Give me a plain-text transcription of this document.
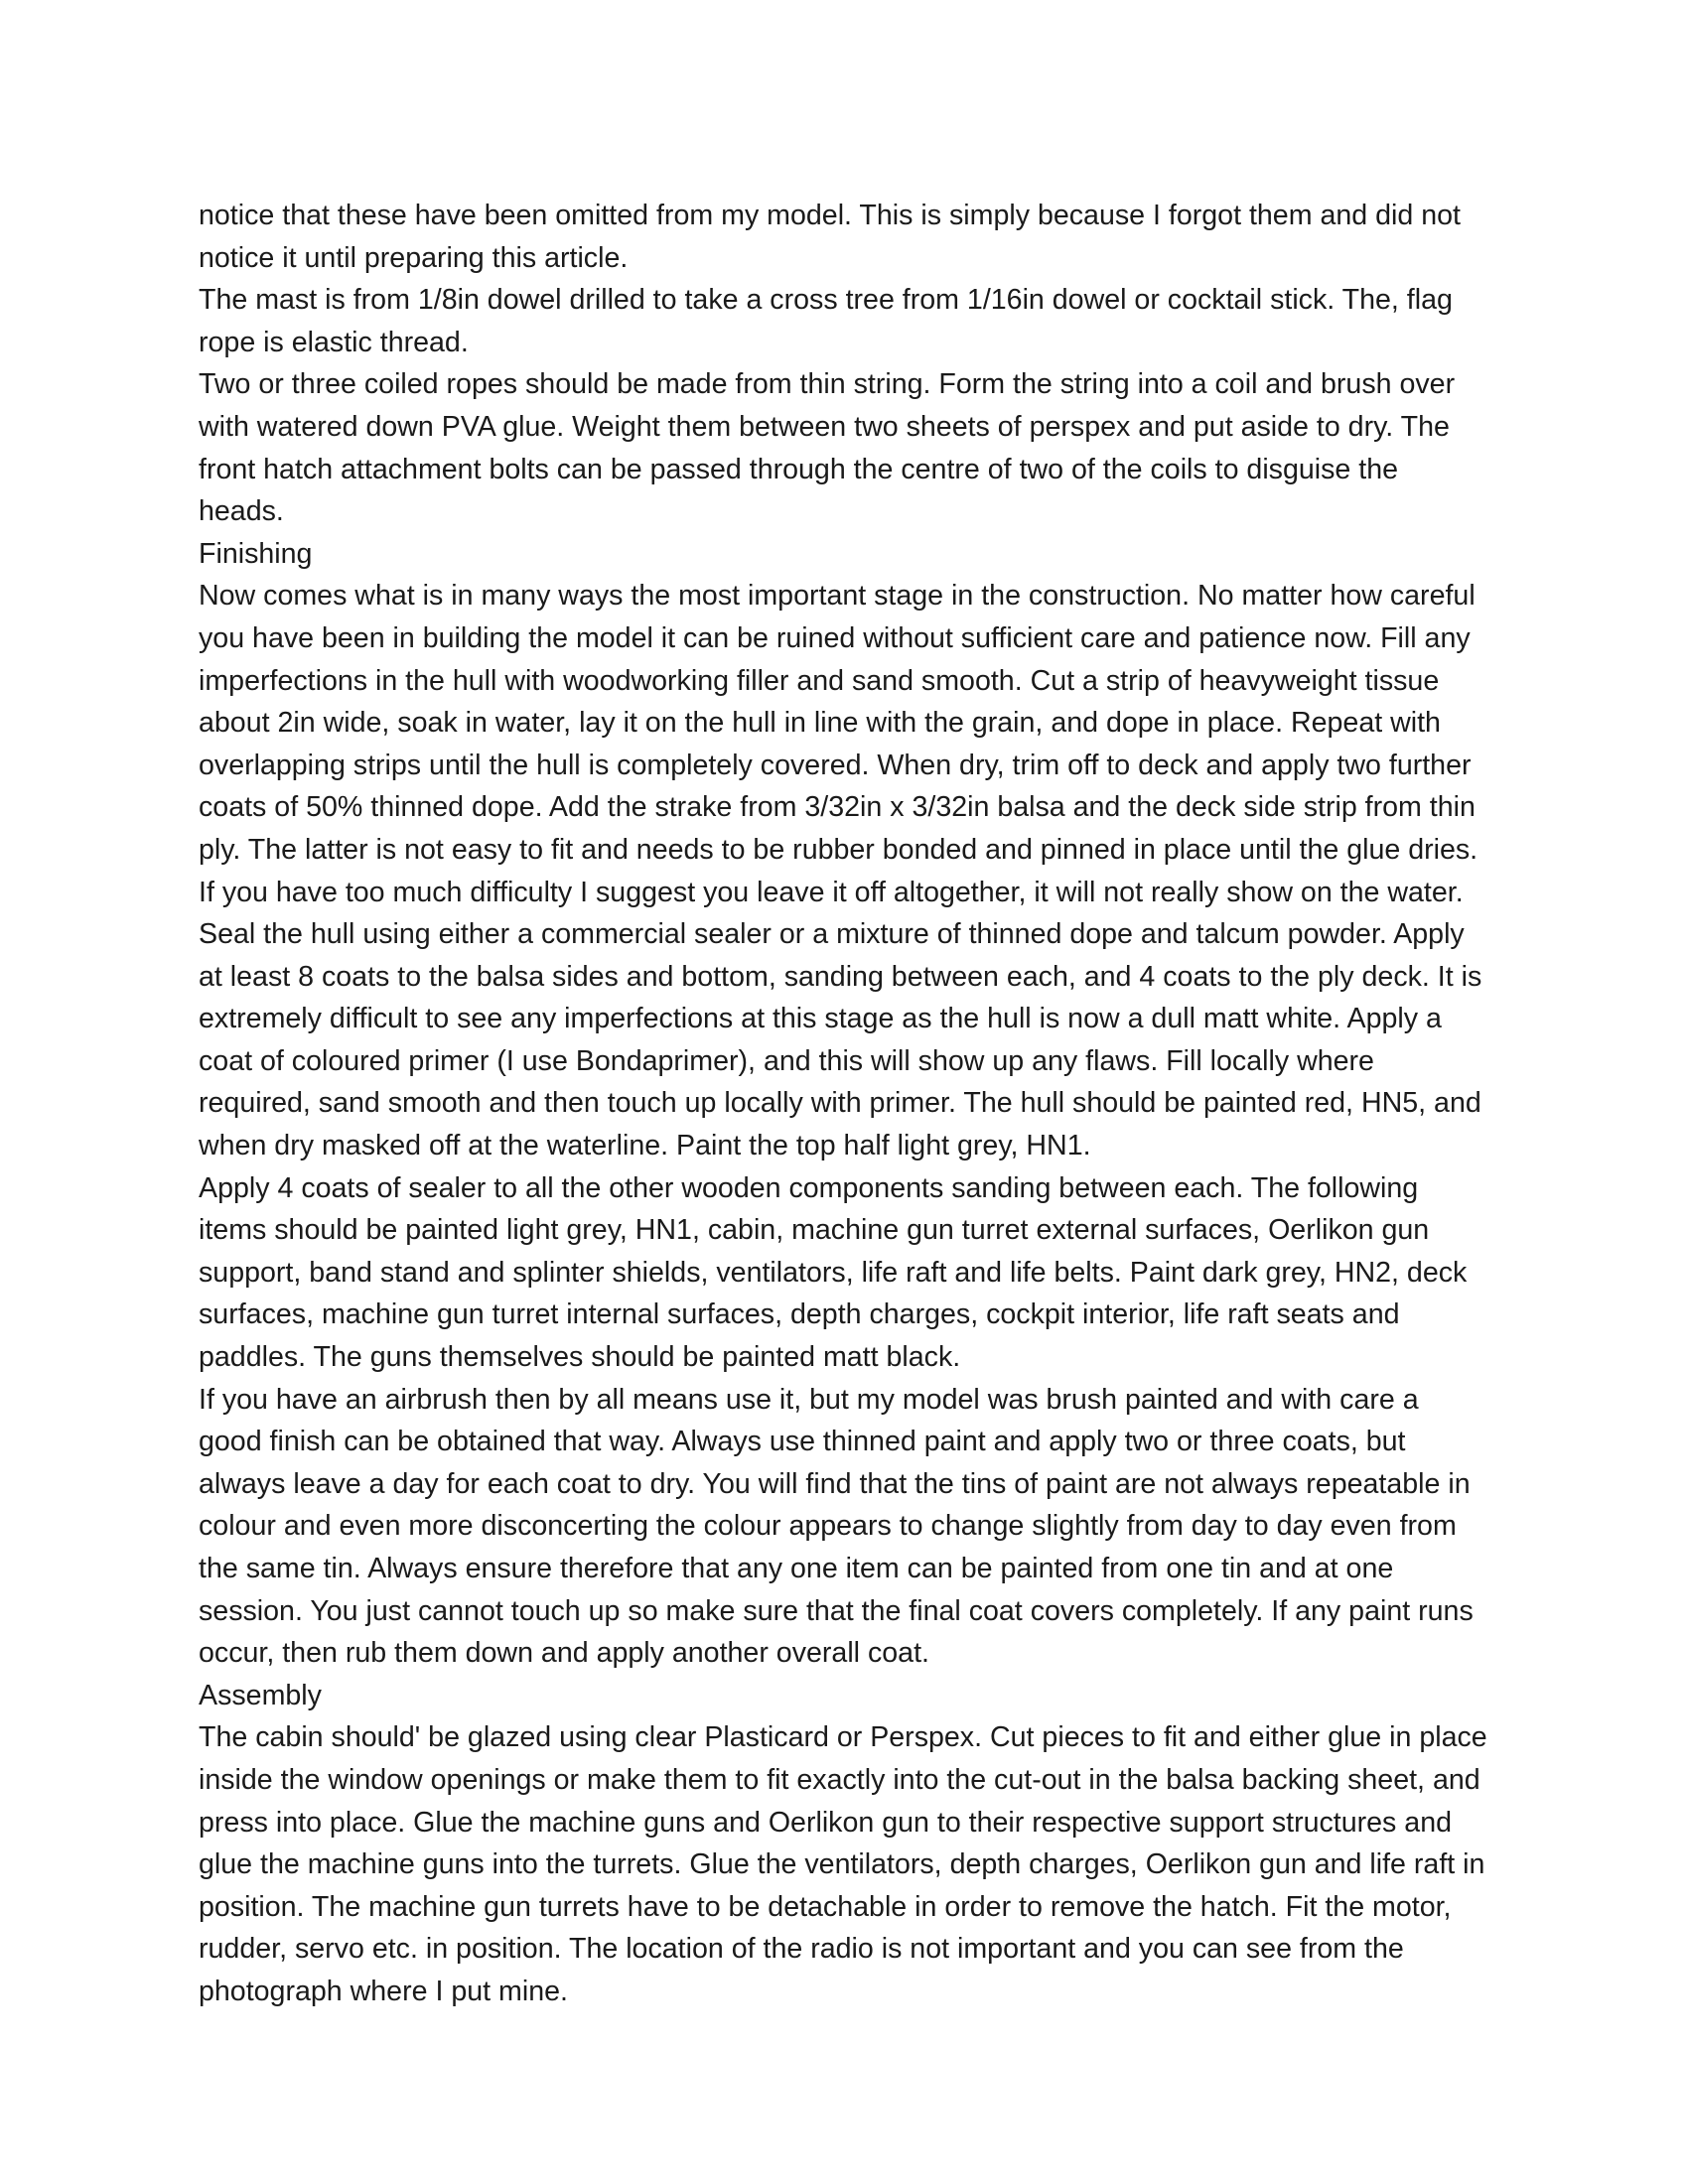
notice that these have been omitted from my model. This is simply because I forgot them and did not notice it until preparing this article.

The mast is from 1/8in dowel drilled to take a cross tree from 1/16in dowel or cocktail stick. The, flag rope is elastic thread.

Two or three coiled ropes should be made from thin string. Form the string into a coil and brush over with watered down PVA glue. Weight them between two sheets of perspex and put aside to dry. The front hatch attachment bolts can be passed through the centre of two of the coils to disguise the heads.

Finishing

Now comes what is in many ways the most important stage in the construction. No matter how careful you have been in building the model it can be ruined without sufficient care and patience now. Fill any imperfections in the hull with woodworking filler and sand smooth. Cut a strip of heavyweight tissue about 2in wide, soak in water, lay it on the hull in line with the grain, and dope in place. Repeat with overlapping strips until the hull is completely covered. When dry, trim off to deck and apply two further coats of 50% thinned dope. Add the strake from 3/32in x 3/32in balsa and the deck side strip from thin ply. The latter is not easy to fit and needs to be rubber bonded and pinned in place until the glue dries. If you have too much difficulty I suggest you leave it off altogether, it will not really show on the water.

Seal the hull using either a commercial sealer or a mixture of thinned dope and talcum powder. Apply at least 8 coats to the balsa sides and bottom, sanding between each, and 4 coats to the ply deck. It is extremely difficult to see any imperfections at this stage as the hull is now a dull matt white. Apply a coat of coloured primer (I use Bondaprimer), and this will show up any flaws. Fill locally where required, sand smooth and then touch up locally with primer. The hull should be painted red, HN5, and when dry masked off at the waterline. Paint the top half light grey, HN1.

Apply 4 coats of sealer to all the other wooden components sanding between each. The following items should be painted light grey, HN1, cabin, machine gun turret external surfaces, Oerlikon gun support, band stand and splinter shields, ventilators, life raft and life belts. Paint dark grey, HN2, deck surfaces, machine gun turret internal surfaces, depth charges, cockpit interior, life raft seats and paddles. The guns themselves should be painted matt black.

If you have an airbrush then by all means use it, but my model was brush painted and with care a good finish can be obtained that way. Always use thinned paint and apply two or three coats, but always leave a day for each coat to dry. You will find that the tins of paint are not always repeatable in colour and even more disconcerting the colour appears to change slightly from day to day even from the same tin. Always ensure therefore that any one item can be painted from one tin and at one session. You just cannot touch up so make sure that the final coat covers completely. If any paint runs occur, then rub them down and apply another overall coat.

Assembly

The cabin should' be glazed using clear Plasticard or Perspex. Cut pieces to fit and either glue in place inside the window openings or make them to fit exactly into the cut-out in the balsa backing sheet, and press into place. Glue the machine guns and Oerlikon gun to their respective support structures and glue the machine guns into the turrets. Glue the ventilators, depth charges, Oerlikon gun and life raft in position. The machine gun turrets have to be detachable in order to remove the hatch. Fit the motor, rudder, servo etc. in position. The location of the radio is not important and you can see from the photograph where I put mine.
